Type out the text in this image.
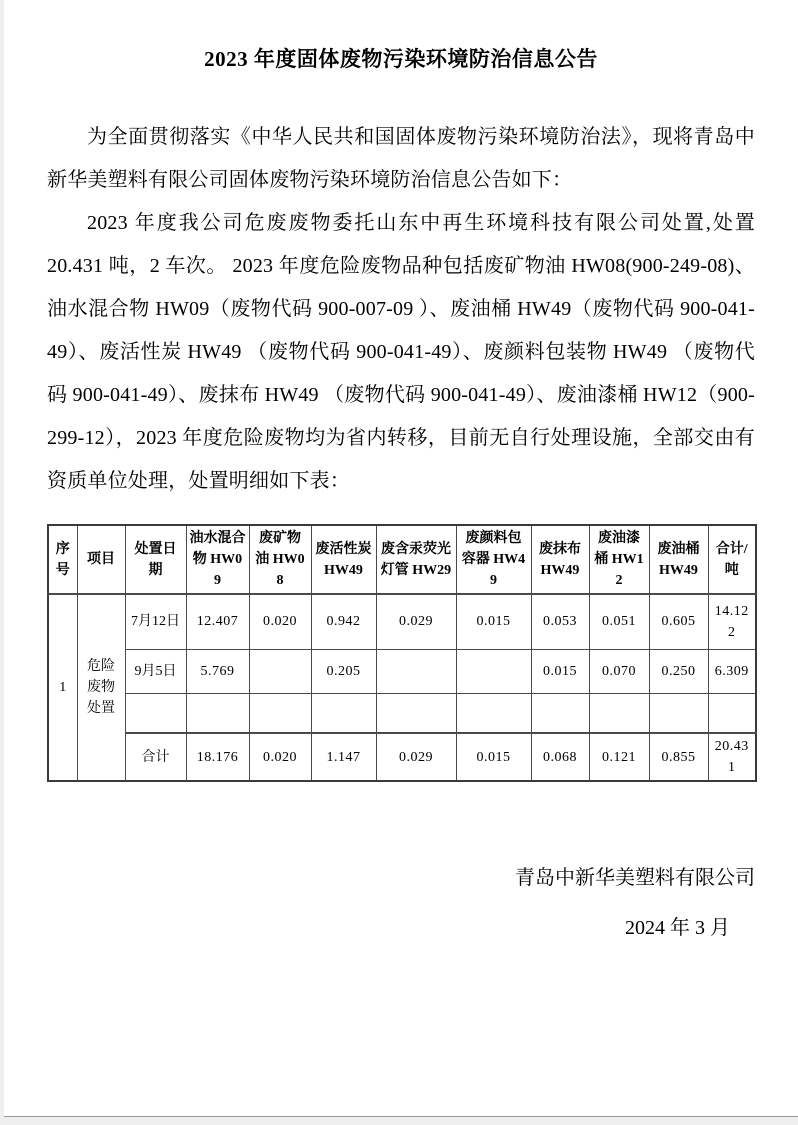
2023 年度固体废物污染环境防治信息公告

为全面贯彻落实《中华人民共和国固体废物污染环境防治法》，现将青岛中新华美塑料有限公司固体废物污染环境防治信息公告如下：

2023 年度我公司危废废物委托山东中再生环境科技有限公司处置,处置 20.431 吨，2 车次。 2023 年度危险废物品种包括废矿物油 HW08(900-249-08)、油水混合物 HW09（废物代码 900-007-09 ）、废油桶 HW49（废物代码 900-041-49）、废活性炭 HW49 （废物代码 900-041-49）、废颜料包装物 HW49 （废物代码 900-041-49）、废抹布 HW49 （废物代码 900-041-49）、废油漆桶 HW12（900-299-12），2023 年度危险废物均为省内转移，目前无自行处理设施，全部交由有资质单位处理，处置明细如下表：

序号	项目	处置日期	油水混合物 HW09	废矿物油 HW08	废活性炭 HW49	废含汞荧光灯管 HW29	废颜料包容器 HW49	废抹布 HW49	废油漆桶 HW12	废油桶 HW49	合计/吨
1	危险废物处置	7月12日	12.407	0.020	0.942	0.029	0.015	0.053	0.051	0.605	14.122
		9月5日	5.769		0.205			0.015	0.070	0.250	6.309

		合计	18.176	0.020	1.147	0.029	0.015	0.068	0.121	0.855	20.431
青岛中新华美塑料有限公司
2024 年 3 月
